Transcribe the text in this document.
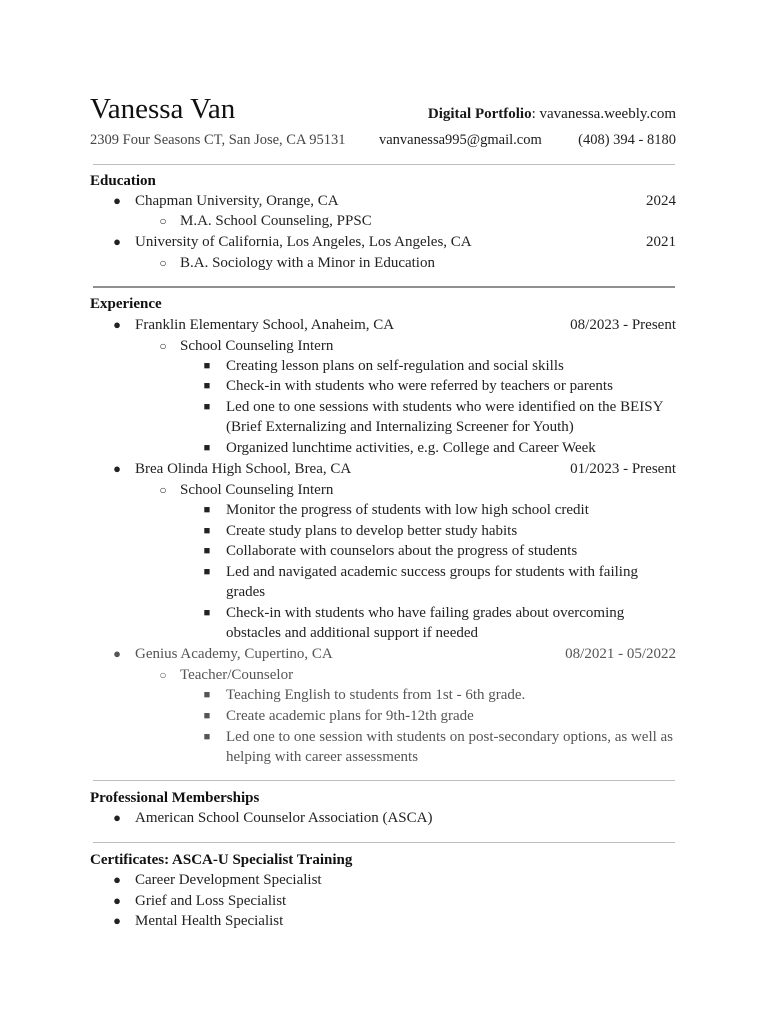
Vanessa Van	Digital Portfolio: vavanessa.weebly.com
2309 Four Seasons CT, San Jose, CA 95131 vanvanessa995@gmail.com	(408) 394 - 8180
Education
● Chapman University, Orange, CA	2024
○ M.A. School Counseling, PPSC
● University of California, Los Angeles, Los Angeles, CA	2021
○ B.A. Sociology with a Minor in Education
Experience
● Franklin Elementary School, Anaheim, CA	08/2023 - Present
○ School Counseling Intern
■ Creating lesson plans on self-regulation and social skills
■ Check-in with students who were referred by teachers or parents
■ Led one to one sessions with students who were identified on the BEISY
(Brief Externalizing and Internalizing Screener for Youth)
■ Organized lunchtime activities, e.g. College and Career Week
● Brea Olinda High School, Brea, CA	01/2023 - Present
○ School Counseling Intern
■ Monitor the progress of students with low high school credit
■ Create study plans to develop better study habits
■ Collaborate with counselors about the progress of students
■ Led and navigated academic success groups for students with failing
grades
■ Check-in with students who have failing grades about overcoming
obstacles and additional support if needed
● Genius Academy, Cupertino, CA	08/2021 - 05/2022
○ Teacher/Counselor
■ Teaching English to students from 1st - 6th grade.
■ Create academic plans for 9th-12th grade
■ Led one to one session with students on post-secondary options, as well as
helping with career assessments
Professional Memberships
● American School Counselor Association (ASCA)
Certificates: ASCA-U Specialist Training
● Career Development Specialist
● Grief and Loss Specialist
● Mental Health Specialist
